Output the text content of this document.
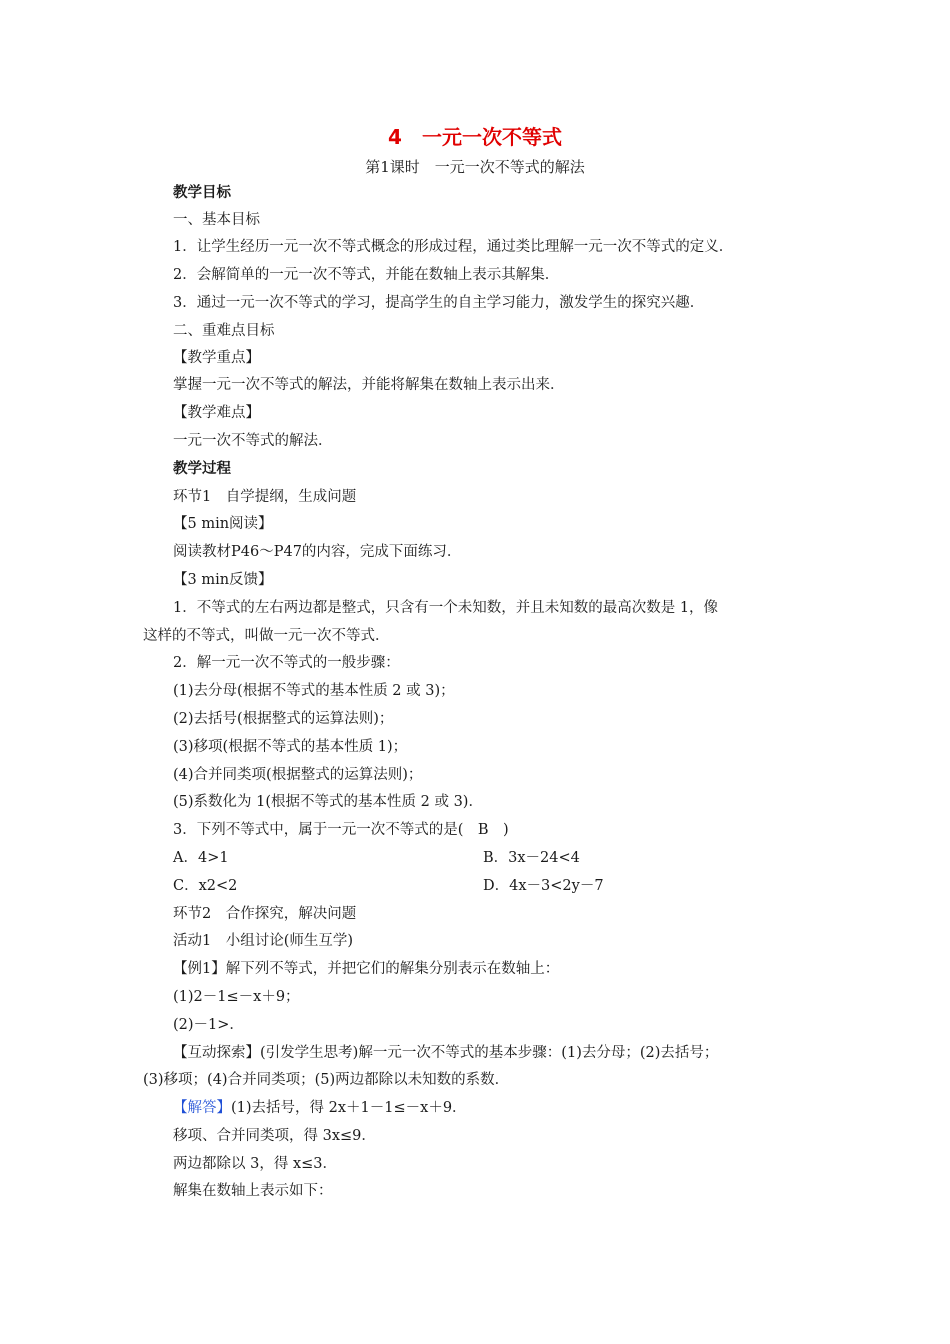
4　一元一次不等式
第1课时　一元一次不等式的解法
教学目标
一、基本目标
1．让学生经历一元一次不等式概念的形成过程，通过类比理解一元一次不等式的定义．
2．会解简单的一元一次不等式，并能在数轴上表示其解集．
3．通过一元一次不等式的学习，提高学生的自主学习能力，激发学生的探究兴趣．
二、重难点目标
【教学重点】
掌握一元一次不等式的解法，并能将解集在数轴上表示出来．
【教学难点】
一元一次不等式的解法．
教学过程
环节1　自学提纲，生成问题
【5 min阅读】
阅读教材P46～P47的内容，完成下面练习．
【3 min反馈】
1．不等式的左右两边都是整式，只含有一个未知数，并且未知数的最高次数是 1，像
这样的不等式，叫做一元一次不等式．
2．解一元一次不等式的一般步骤：
(1)去分母(根据不等式的基本性质 2 或 3)；
(2)去括号(根据整式的运算法则)；
(3)移项(根据不等式的基本性质 1)；
(4)合并同类项(根据整式的运算法则)；
(5)系数化为 1(根据不等式的基本性质 2 或 3)．
3．下列不等式中，属于一元一次不等式的是(　B　)
A．4>1	B．3x－24<4
C．x2<2	D．4x－3<2y－7
环节2　合作探究，解决问题
活动1　小组讨论(师生互学)
【例1】解下列不等式，并把它们的解集分别表示在数轴上：
(1)2－1≤－x＋9；
(2)－1>．
【互动探索】(引发学生思考)解一元一次不等式的基本步骤：(1)去分母；(2)去括号；
(3)移项；(4)合并同类项；(5)两边都除以未知数的系数．
【解答】(1)去括号，得 2x＋1－1≤－x＋9．
移项、合并同类项，得 3x≤9．
两边都除以 3，得 x≤3．
解集在数轴上表示如下：
